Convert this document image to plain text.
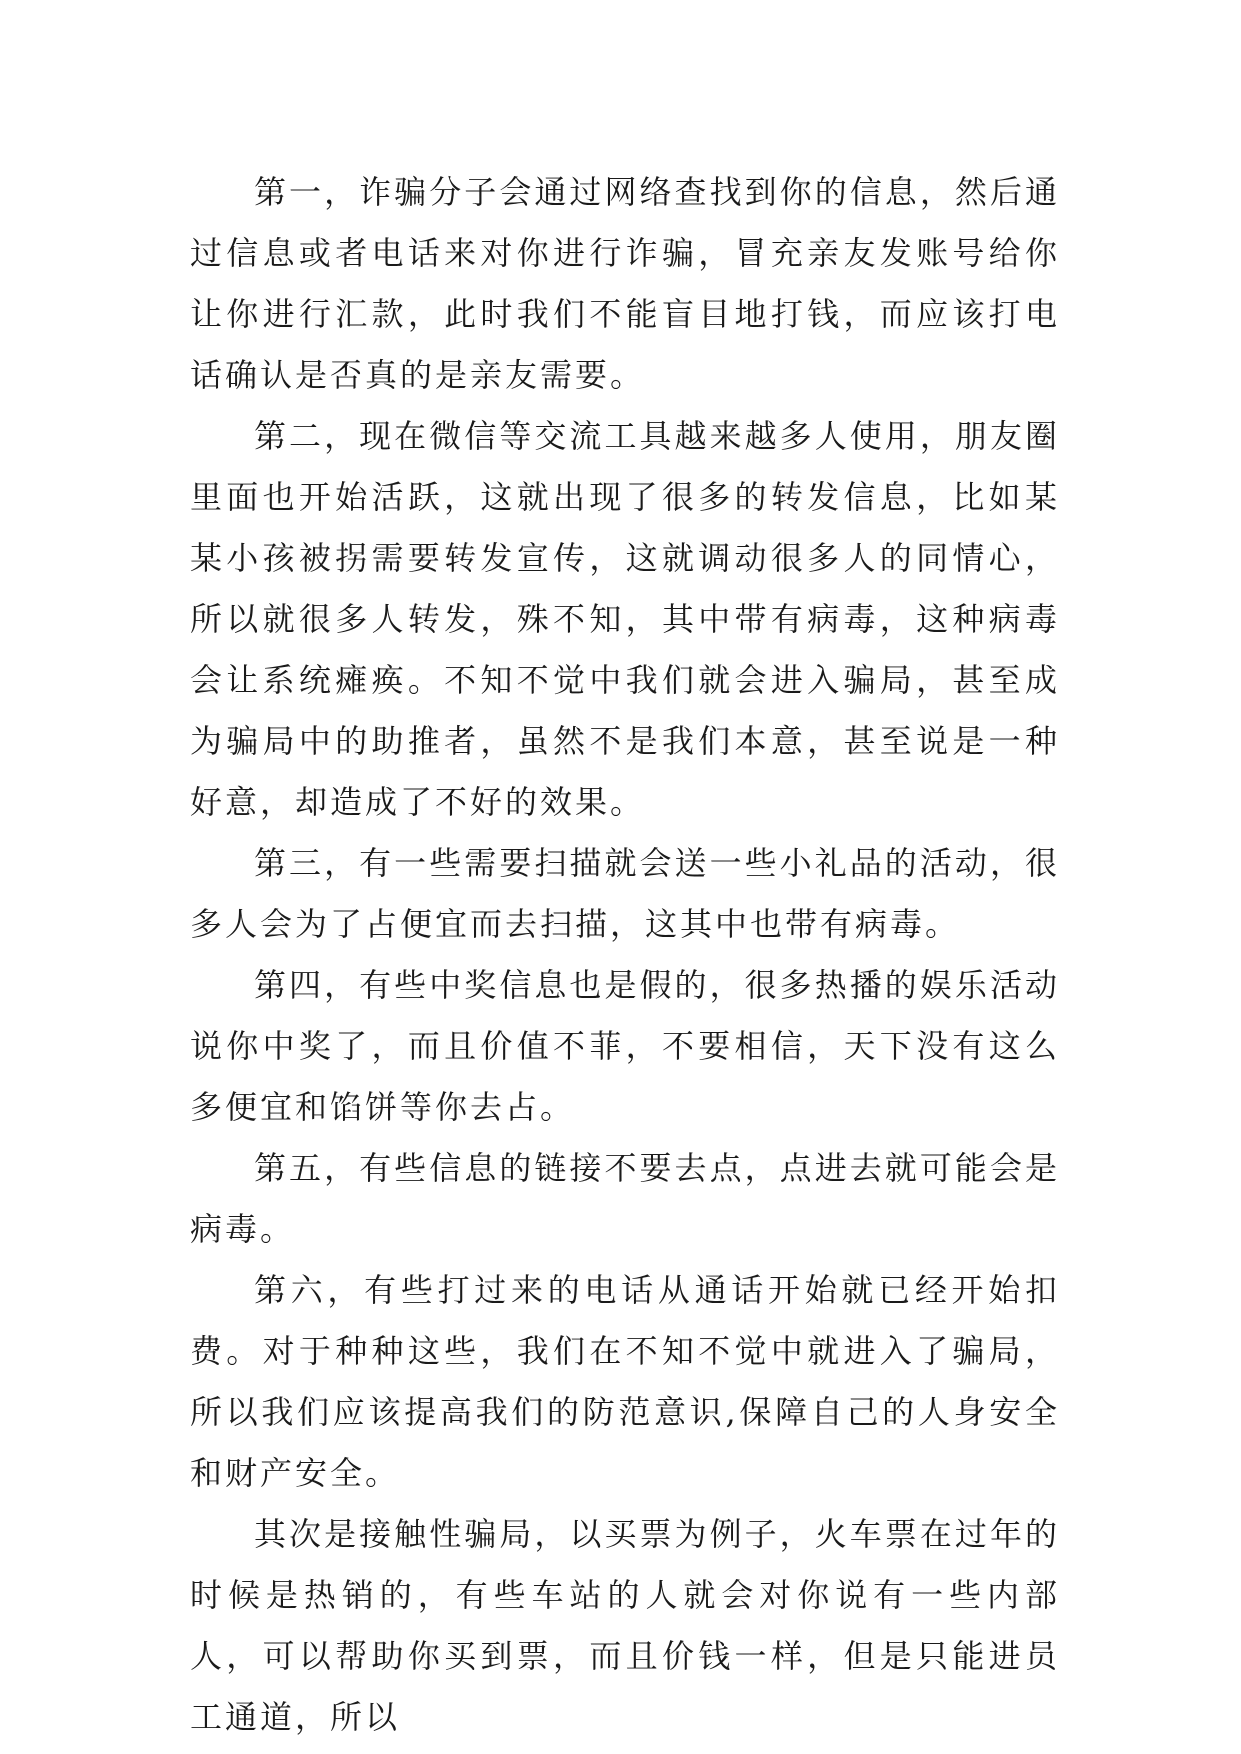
第一，诈骗分子会通过网络查找到你的信息，然后通过信息或者电话来对你进行诈骗，冒充亲友发账号给你让你进行汇款，此时我们不能盲目地打钱，而应该打电话确认是否真的是亲友需要。

第二，现在微信等交流工具越来越多人使用，朋友圈里面也开始活跃，这就出现了很多的转发信息，比如某某小孩被拐需要转发宣传，这就调动很多人的同情心，所以就很多人转发，殊不知，其中带有病毒，这种病毒会让系统瘫痪。不知不觉中我们就会进入骗局，甚至成为骗局中的助推者，虽然不是我们本意，甚至说是一种好意，却造成了不好的效果。

第三，有一些需要扫描就会送一些小礼品的活动，很多人会为了占便宜而去扫描，这其中也带有病毒。

第四，有些中奖信息也是假的，很多热播的娱乐活动说你中奖了，而且价值不菲，不要相信，天下没有这么多便宜和馅饼等你去占。

第五，有些信息的链接不要去点，点进去就可能会是病毒。

第六，有些打过来的电话从通话开始就已经开始扣费。对于种种这些，我们在不知不觉中就进入了骗局，所以我们应该提高我们的防范意识,保障自己的人身安全和财产安全。

其次是接触性骗局，以买票为例子，火车票在过年的时候是热销的，有些车站的人就会对你说有一些内部人，可以帮助你买到票，而且价钱一样，但是只能进员工通道，所以
